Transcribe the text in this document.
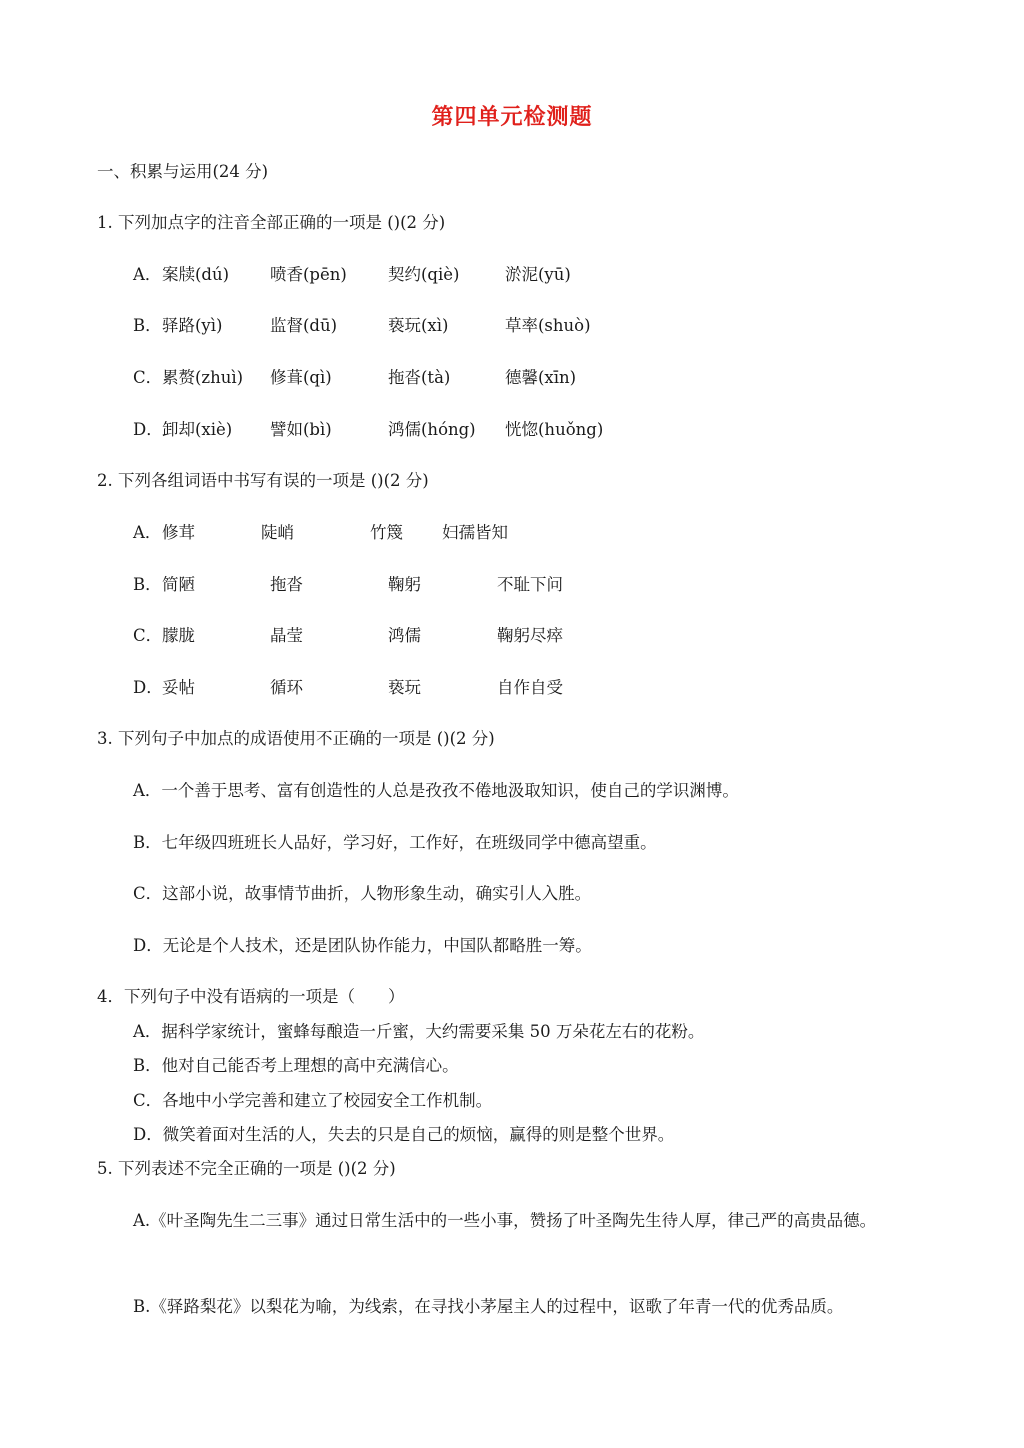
第四单元检测题
一、积累与运用(24 分)
1. 下列加点字的注音全部正确的一项是 ()(2 分)
A． 案牍(dú) 喷香(pēn) 契约(qiè)	淤泥(yū)
B． 驿路(yì)	监督(dū)	亵玩(xì)	草率(shuò)
C． 累赘(zhuì) 修葺(qì)	拖沓(tà)	德馨(xīn)
D． 卸却(xiè) 譬如(bì)	鸿儒(hóng) 恍惚(huǒng)
2. 下列各组词语中书写有误的一项是 ()(2 分)
A． 修茸	陡峭	竹篾 妇孺皆知
B． 简陋	拖沓	鞠躬	不耻下问
C． 朦胧	晶莹	鸿儒	鞠躬尽瘁
D． 妥帖	循环	亵玩	自作自受
3. 下列句子中加点的成语使用不正确的一项是 ()(2 分)
A．一个善于思考、富有创造性的人总是孜孜不倦地汲取知识，使自己的学识渊博。
B．七年级四班班长人品好，学习好，工作好，在班级同学中德高望重。
C．这部小说，故事情节曲折，人物形象生动，确实引人入胜。
D．无论是个人技术，还是团队协作能力，中国队都略胜一筹。
4．下列句子中没有语病的一项是（　　）
A．据科学家统计，蜜蜂每酿造一斤蜜，大约需要采集 50 万朵花左右的花粉。
B．他对自己能否考上理想的高中充满信心。
C．各地中小学完善和建立了校园安全工作机制。
D．微笑着面对生活的人，失去的只是自己的烦恼，赢得的则是整个世界。
5. 下列表述不完全正确的一项是 ()(2 分)
A.《叶圣陶先生二三事》通过日常生活中的一些小事，赞扬了叶圣陶先生待人厚，律己严的高贵品德。
B.《驿路梨花》以梨花为喻，为线索，在寻找小茅屋主人的过程中，讴歌了年青一代的优秀品质。
